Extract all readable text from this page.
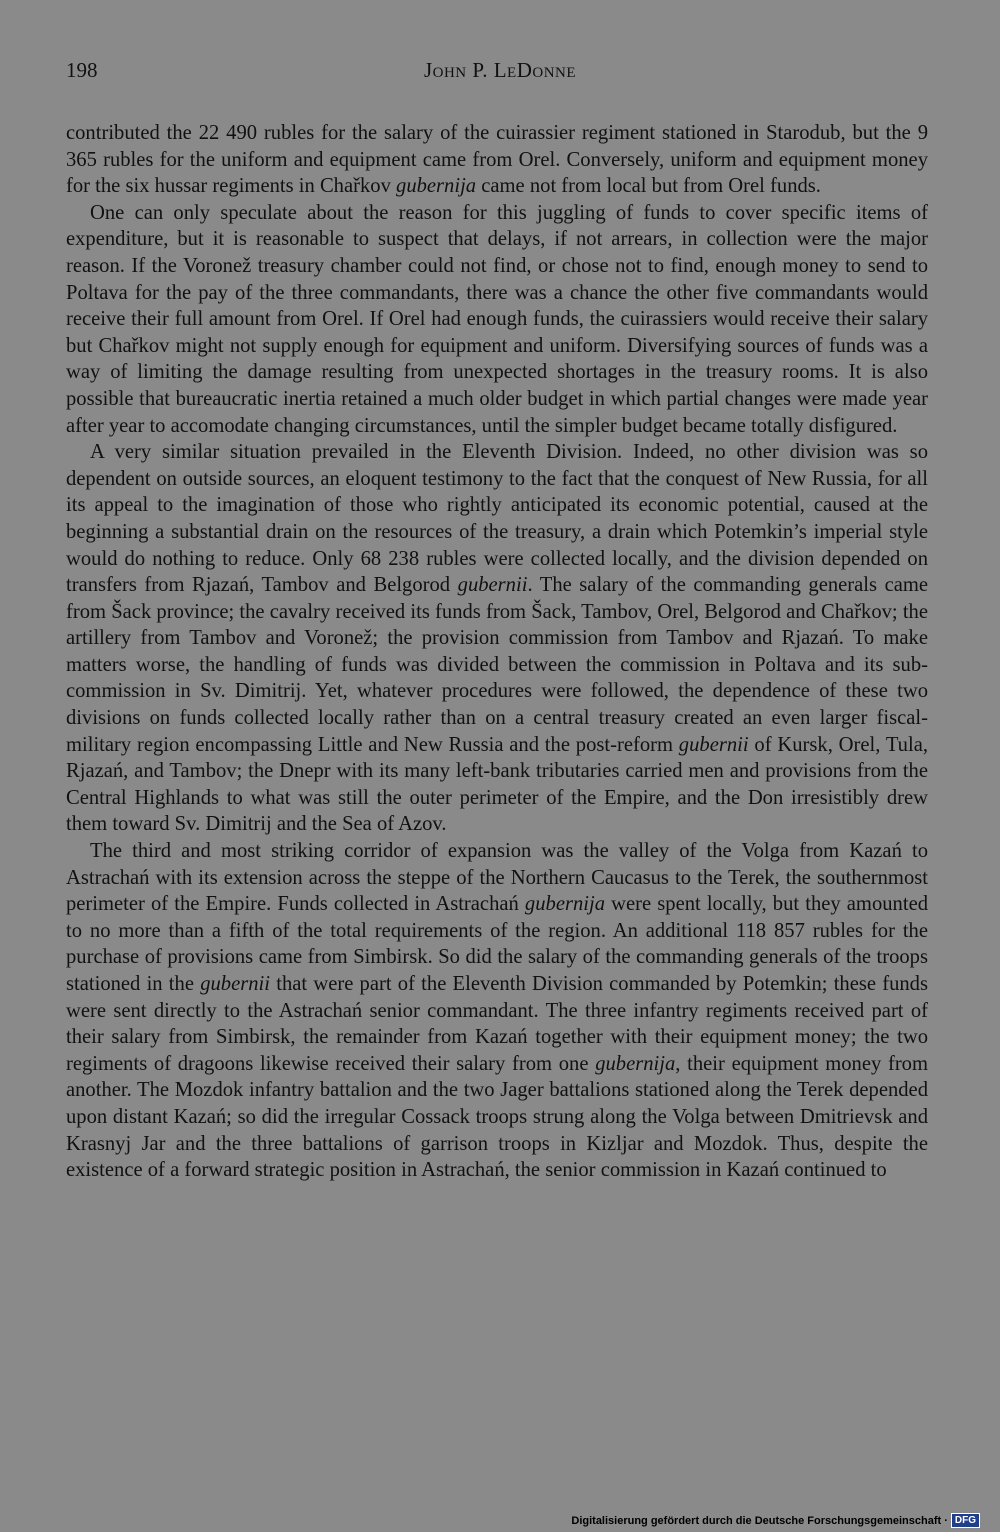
198	John P. LeDonne

contributed the 22 490 rubles for the salary of the cuirassier regiment stationed in Starodub, but the 9 365 rubles for the uniform and equipment came from Orel. Conversely, uniform and equipment money for the six hussar regiments in Chařkov gubernija came not from local but from Orel funds.

One can only speculate about the reason for this juggling of funds to cover specific items of expenditure, but it is reasonable to suspect that delays, if not arrears, in collection were the major reason. If the Voronež treasury chamber could not find, or chose not to find, enough money to send to Poltava for the pay of the three commandants, there was a chance the other five commandants would receive their full amount from Orel. If Orel had enough funds, the cuirassiers would receive their salary but Chařkov might not supply enough for equipment and uniform. Diversifying sources of funds was a way of limiting the damage resulting from unexpected shortages in the treasury rooms. It is also possible that bureaucratic inertia retained a much older budget in which partial changes were made year after year to accomodate changing circumstances, until the simpler budget became totally disfigured.

A very similar situation prevailed in the Eleventh Division. Indeed, no other division was so dependent on outside sources, an eloquent testimony to the fact that the conquest of New Russia, for all its appeal to the imagination of those who rightly anticipated its economic potential, caused at the beginning a substantial drain on the resources of the treasury, a drain which Potemkin’s imperial style would do nothing to reduce. Only 68 238 rubles were collected locally, and the division depended on transfers from Rjazań, Tambov and Belgorod gubernii. The salary of the commanding generals came from Šack province; the cavalry received its funds from Šack, Tambov, Orel, Belgorod and Chařkov; the artillery from Tambov and Voronež; the provision commission from Tambov and Rjazań. To make matters worse, the handling of funds was divided between the commission in Poltava and its sub-commission in Sv. Dimitrij. Yet, whatever procedures were followed, the dependence of these two divisions on funds collected locally rather than on a central treasury created an even larger fiscal-military region encompassing Little and New Russia and the post-reform gubernii of Kursk, Orel, Tula, Rjazań, and Tambov; the Dnepr with its many left-bank tributaries carried men and provisions from the Central Highlands to what was still the outer perimeter of the Empire, and the Don irresistibly drew them toward Sv. Dimitrij and the Sea of Azov.

The third and most striking corridor of expansion was the valley of the Volga from Kazań to Astrachań with its extension across the steppe of the Northern Caucasus to the Terek, the southernmost perimeter of the Empire. Funds collected in Astrachań gubernija were spent locally, but they amounted to no more than a fifth of the total requirements of the region. An additional 118 857 rubles for the purchase of provisions came from Simbirsk. So did the salary of the commanding generals of the troops stationed in the gubernii that were part of the Eleventh Division commanded by Potemkin; these funds were sent directly to the Astrachań senior commandant. The three infantry regiments received part of their salary from Simbirsk, the remainder from Kazań together with their equipment money; the two regiments of dragoons likewise received their salary from one gubernija, their equipment money from another. The Mozdok infantry battalion and the two Jager battalions stationed along the Terek depended upon distant Kazań; so did the irregular Cossack troops strung along the Volga between Dmitrievsk and Krasnyj Jar and the three battalions of garrison troops in Kizljar and Mozdok. Thus, despite the existence of a forward strategic position in Astrachań, the senior commission in Kazań continued to

Digitalisierung gefördert durch die Deutsche Forschungsgemeinschaft · DFG
